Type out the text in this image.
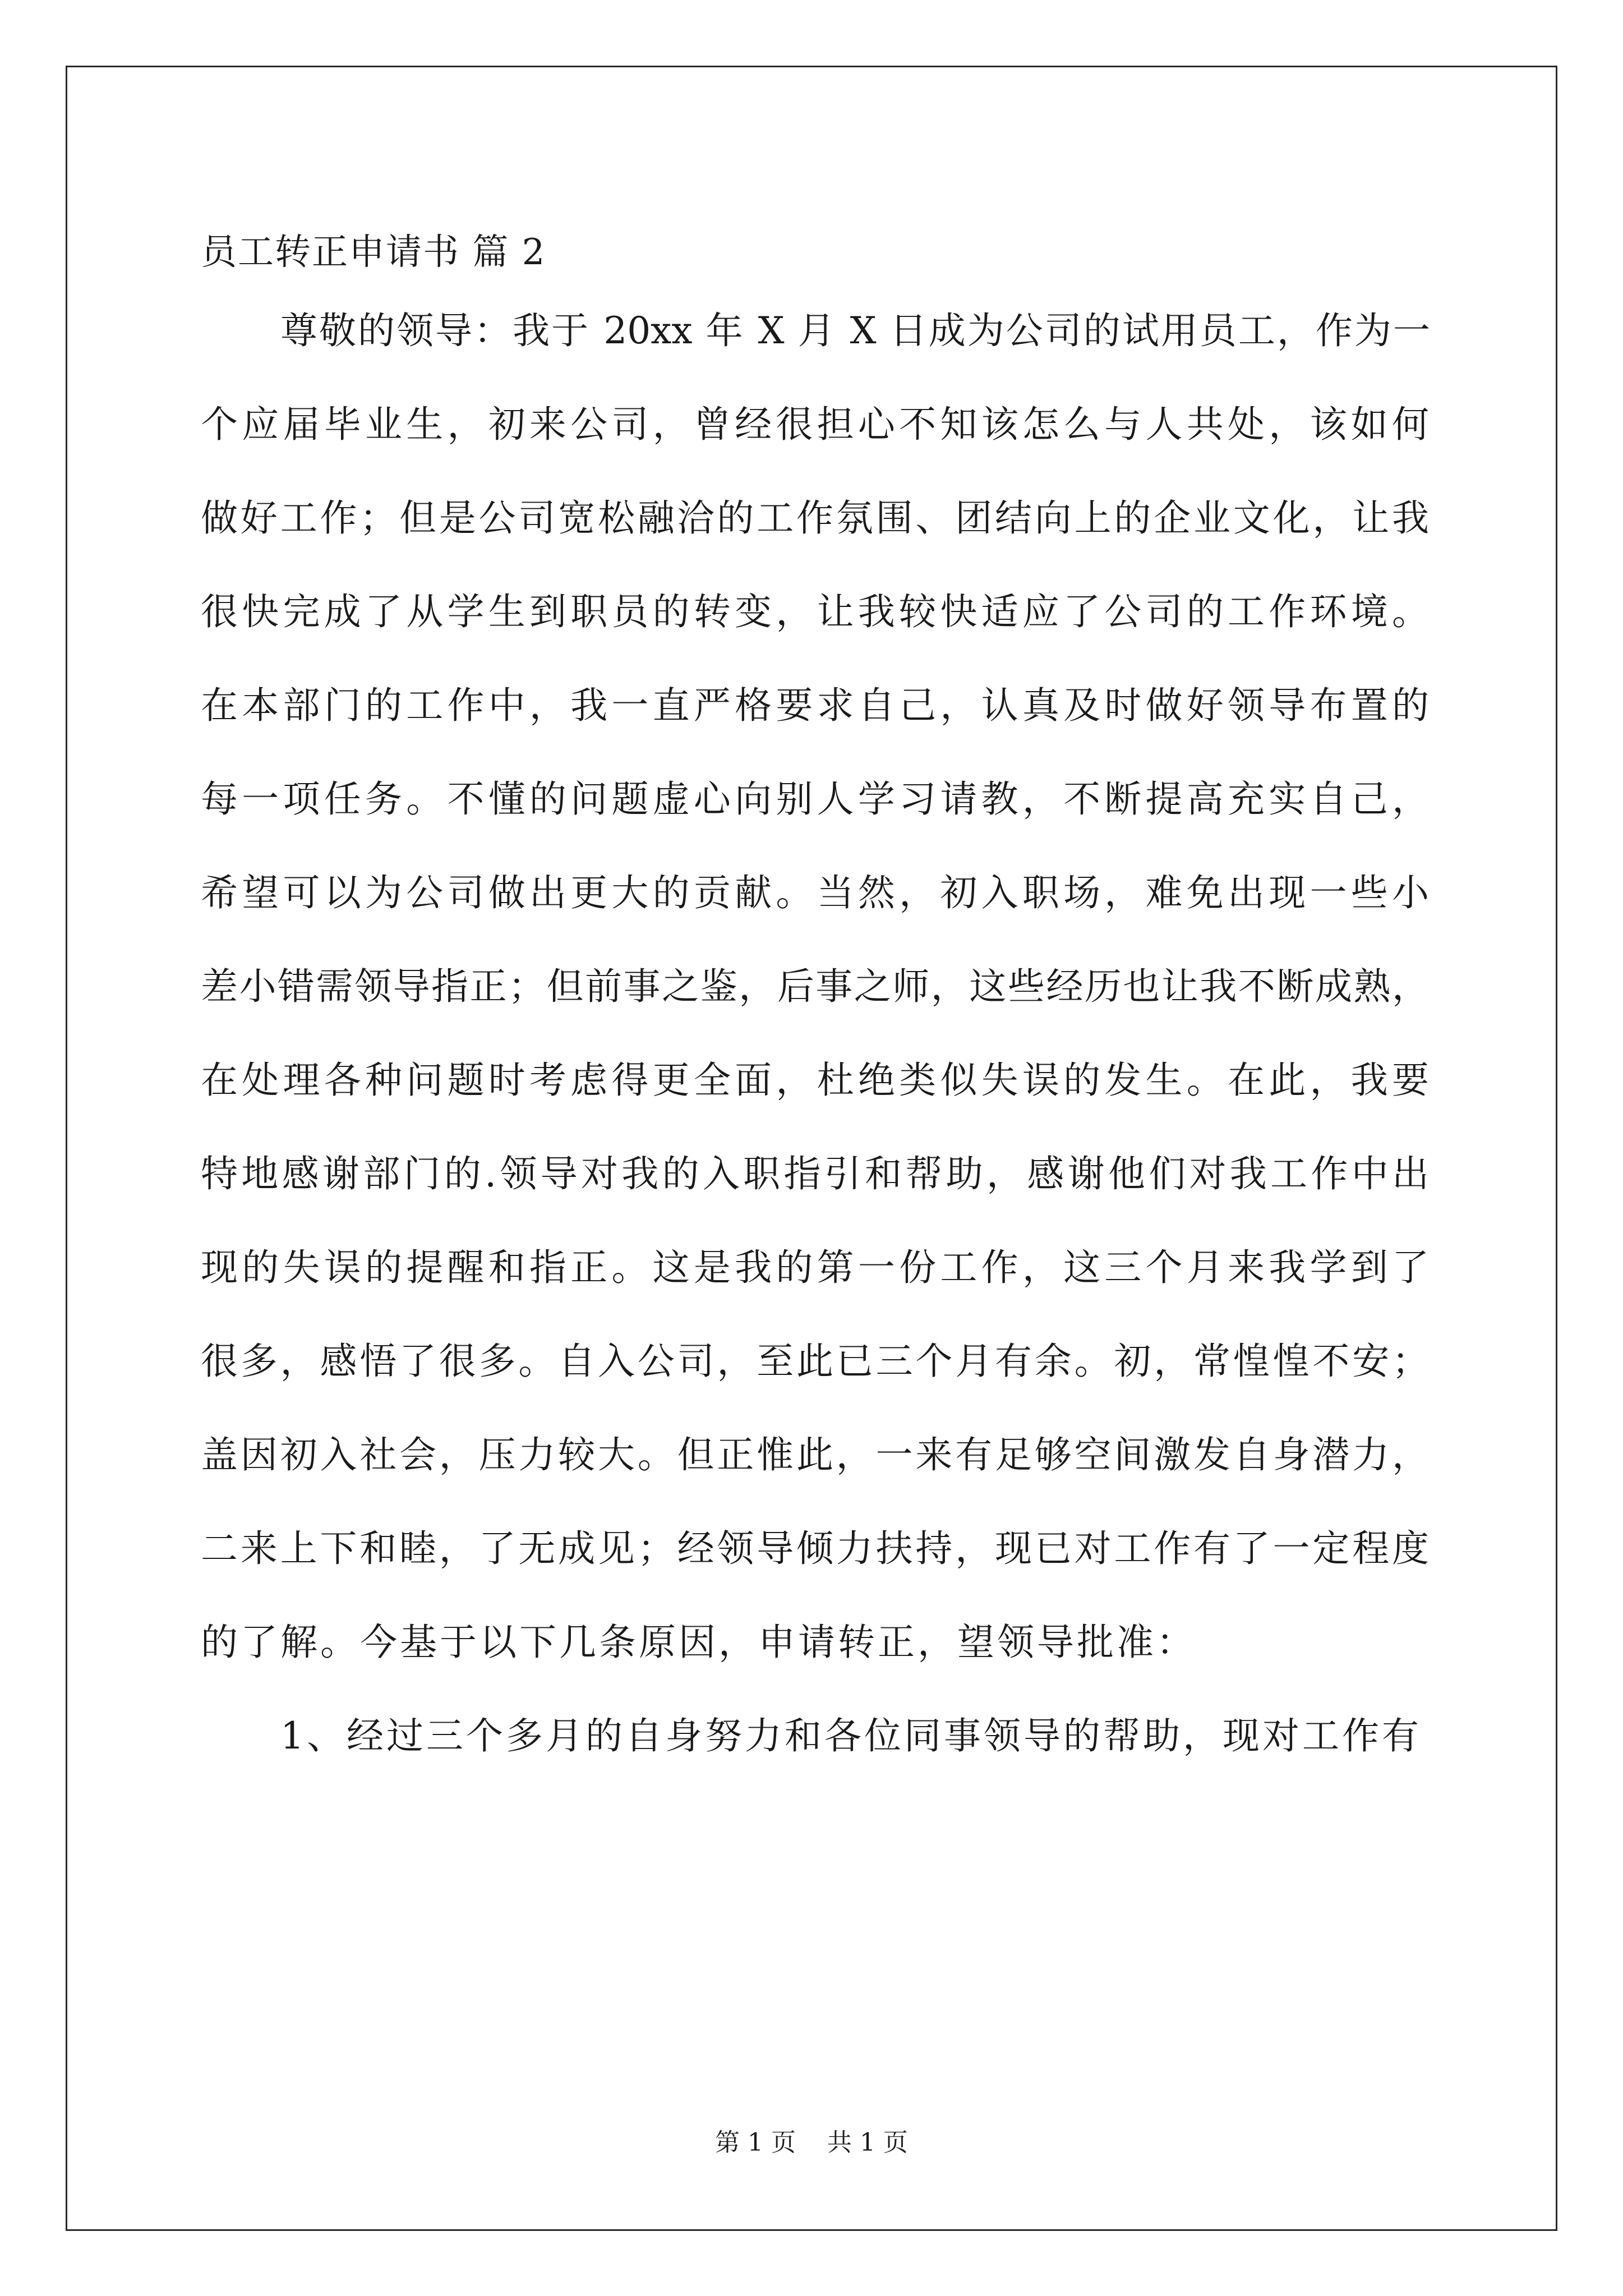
员工转正申请书 篇 2
尊敬的领导：我于 20xx 年 X 月 X 日成为公司的试用员工，作为一
个应届毕业生，初来公司，曾经很担心不知该怎么与人共处，该如何
做好工作；但是公司宽松融洽的工作氛围、团结向上的企业文化，让我
很快完成了从学生到职员的转变，让我较快适应了公司的工作环境。
在本部门的工作中，我一直严格要求自己，认真及时做好领导布置的
每一项任务。不懂的问题虚心向别人学习请教，不断提高充实自己，
希望可以为公司做出更大的贡献。当然，初入职场，难免出现一些小
差小错需领导指正；但前事之鉴，后事之师，这些经历也让我不断成熟，
在处理各种问题时考虑得更全面，杜绝类似失误的发生。在此，我要
特地感谢部门的.领导对我的入职指引和帮助，感谢他们对我工作中出
现的失误的提醒和指正。这是我的第一份工作，这三个月来我学到了
很多，感悟了很多。自入公司，至此已三个月有余。初，常惶惶不安；
盖因初入社会，压力较大。但正惟此，一来有足够空间激发自身潜力，
二来上下和睦，了无成见；经领导倾力扶持，现已对工作有了一定程度
的了解。今基于以下几条原因，申请转正，望领导批准：
1、经过三个多月的自身努力和各位同事领导的帮助，现对工作有
第 1 页    共 1 页
